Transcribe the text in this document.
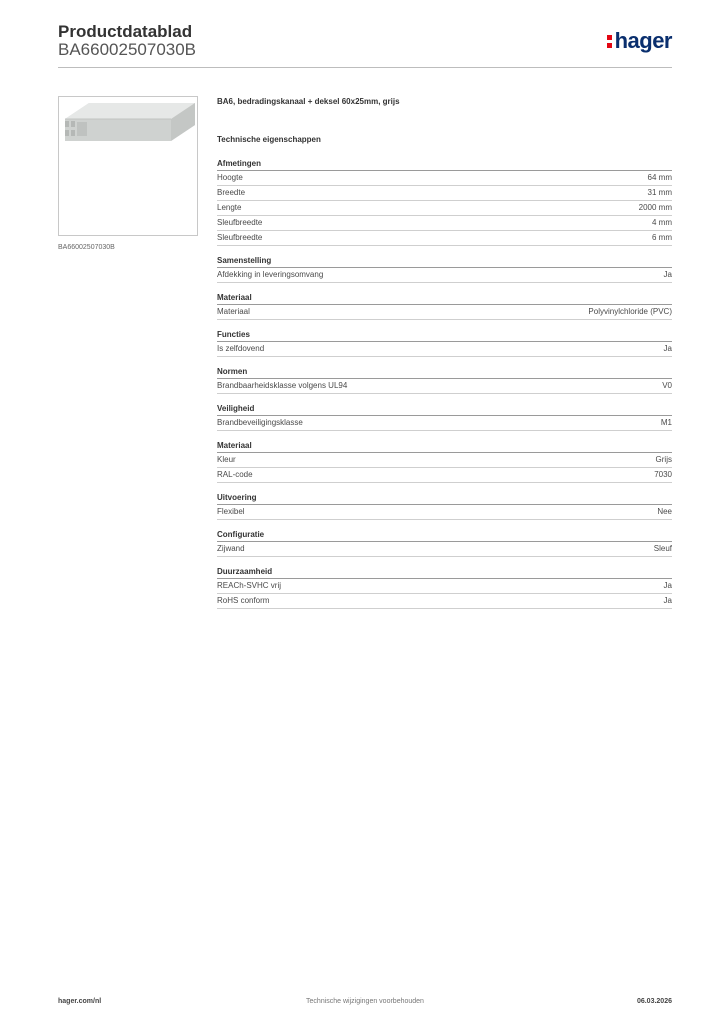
Productdatablad
BA66002507030B	hager
BA66002507030B
BA6, bedradingskanaal + deksel 60x25mm, grijs
Technische eigenschappen
Afmetingen
Hoogte	64 mm
Breedte	31 mm
Lengte	2000 mm
Sleufbreedte	4 mm
Sleufbreedte	6 mm
Samenstelling
Afdekking in leveringsomvang	Ja
Materiaal
Materiaal	Polyvinylchloride (PVC)
Functies
Is zelfdovend	Ja
Normen
Brandbaarheidsklasse volgens UL94	V0
Veiligheid
Brandbeveiligingsklasse	M1
Materiaal
Kleur	Grijs
RAL-code	7030
Uitvoering
Flexibel	Nee
Configuratie
Zijwand	Sleuf
Duurzaamheid
REACh-SVHC vrij	Ja
RoHS conform	Ja
hager.com/nl	Technische wijzigingen voorbehouden	06.03.2026
